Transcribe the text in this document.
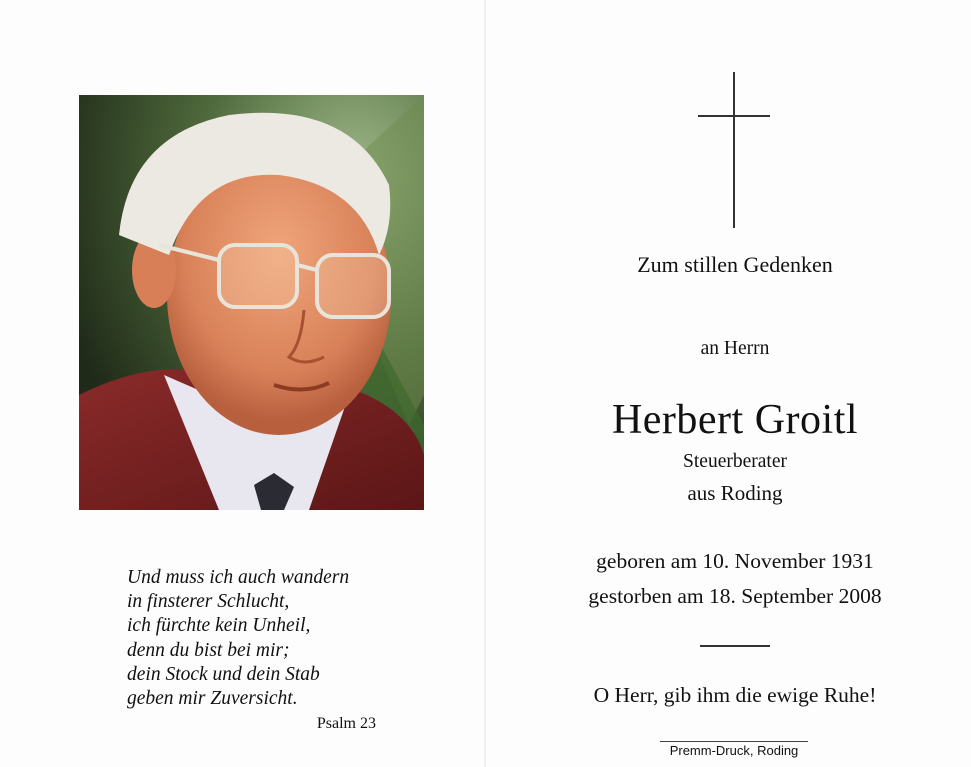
Und muss ich auch wandern
in finsterer Schlucht,
ich fürchte kein Unheil,
denn du bist bei mir;
dein Stock und dein Stab
geben mir Zuversicht.
Psalm 23
Zum stillen Gedenken
an Herrn
Herbert Groitl
Steuerberater
aus Roding
geboren am 10. November 1931
gestorben am 18. September 2008
O Herr, gib ihm die ewige Ruhe!
Premm-Druck, Roding
